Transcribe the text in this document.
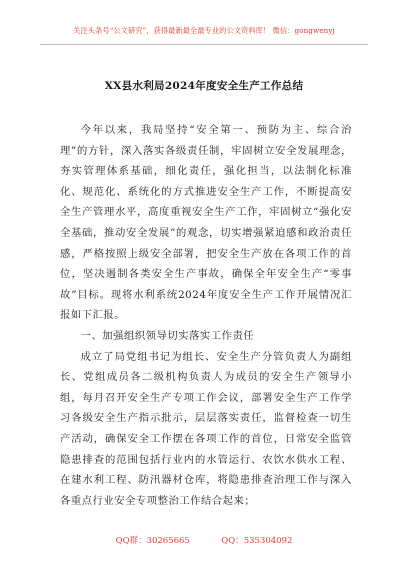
关注头条号“公文研究”，获得最新最全最专业的公文资料库！ 微信：gongwenyj
XX县水利局2024年度安全生产工作总结

今年以来，我局坚持“安全第一、预防为主、综合治理”的方针，深入落实各级责任制，牢固树立安全发展理念，夯实管理体系基础，细化责任，强化担当，以法制化标准化、规范化、系统化的方式推进安全生产工作，不断提高安全生产管理水平，高度重视安全生产工作，牢固树立“强化安全基础，推动安全发展”的观念，切实增强紧迫感和政治责任感，严格按照上级安全部署，把安全生产放在各项工作的首位，坚决遏制各类安全生产事故，确保全年安全生产“零事故”目标。现将水利系统2024年度安全生产工作开展情况汇报如下汇报。

一、加强组织领导切实落实工作责任

成立了局党组书记为组长、安全生产分管负责人为副组长、党组成员各二级机构负责人为成员的安全生产领导小组，每月召开安全生产专项工作会议，部署安全生产工作学习各级安全生产指示批示，层层落实责任，监督检查一切生产活动，确保安全工作摆在各项工作的首位，日常安全监管隐患排查的范围包括行业内的水管运行、农饮水供水工程、在建水利工程、防汛器材仓库，将隐患排查治理工作与深入各重点行业安全专项整治工作结合起来；

QQ群：30265665	QQ：535304092
